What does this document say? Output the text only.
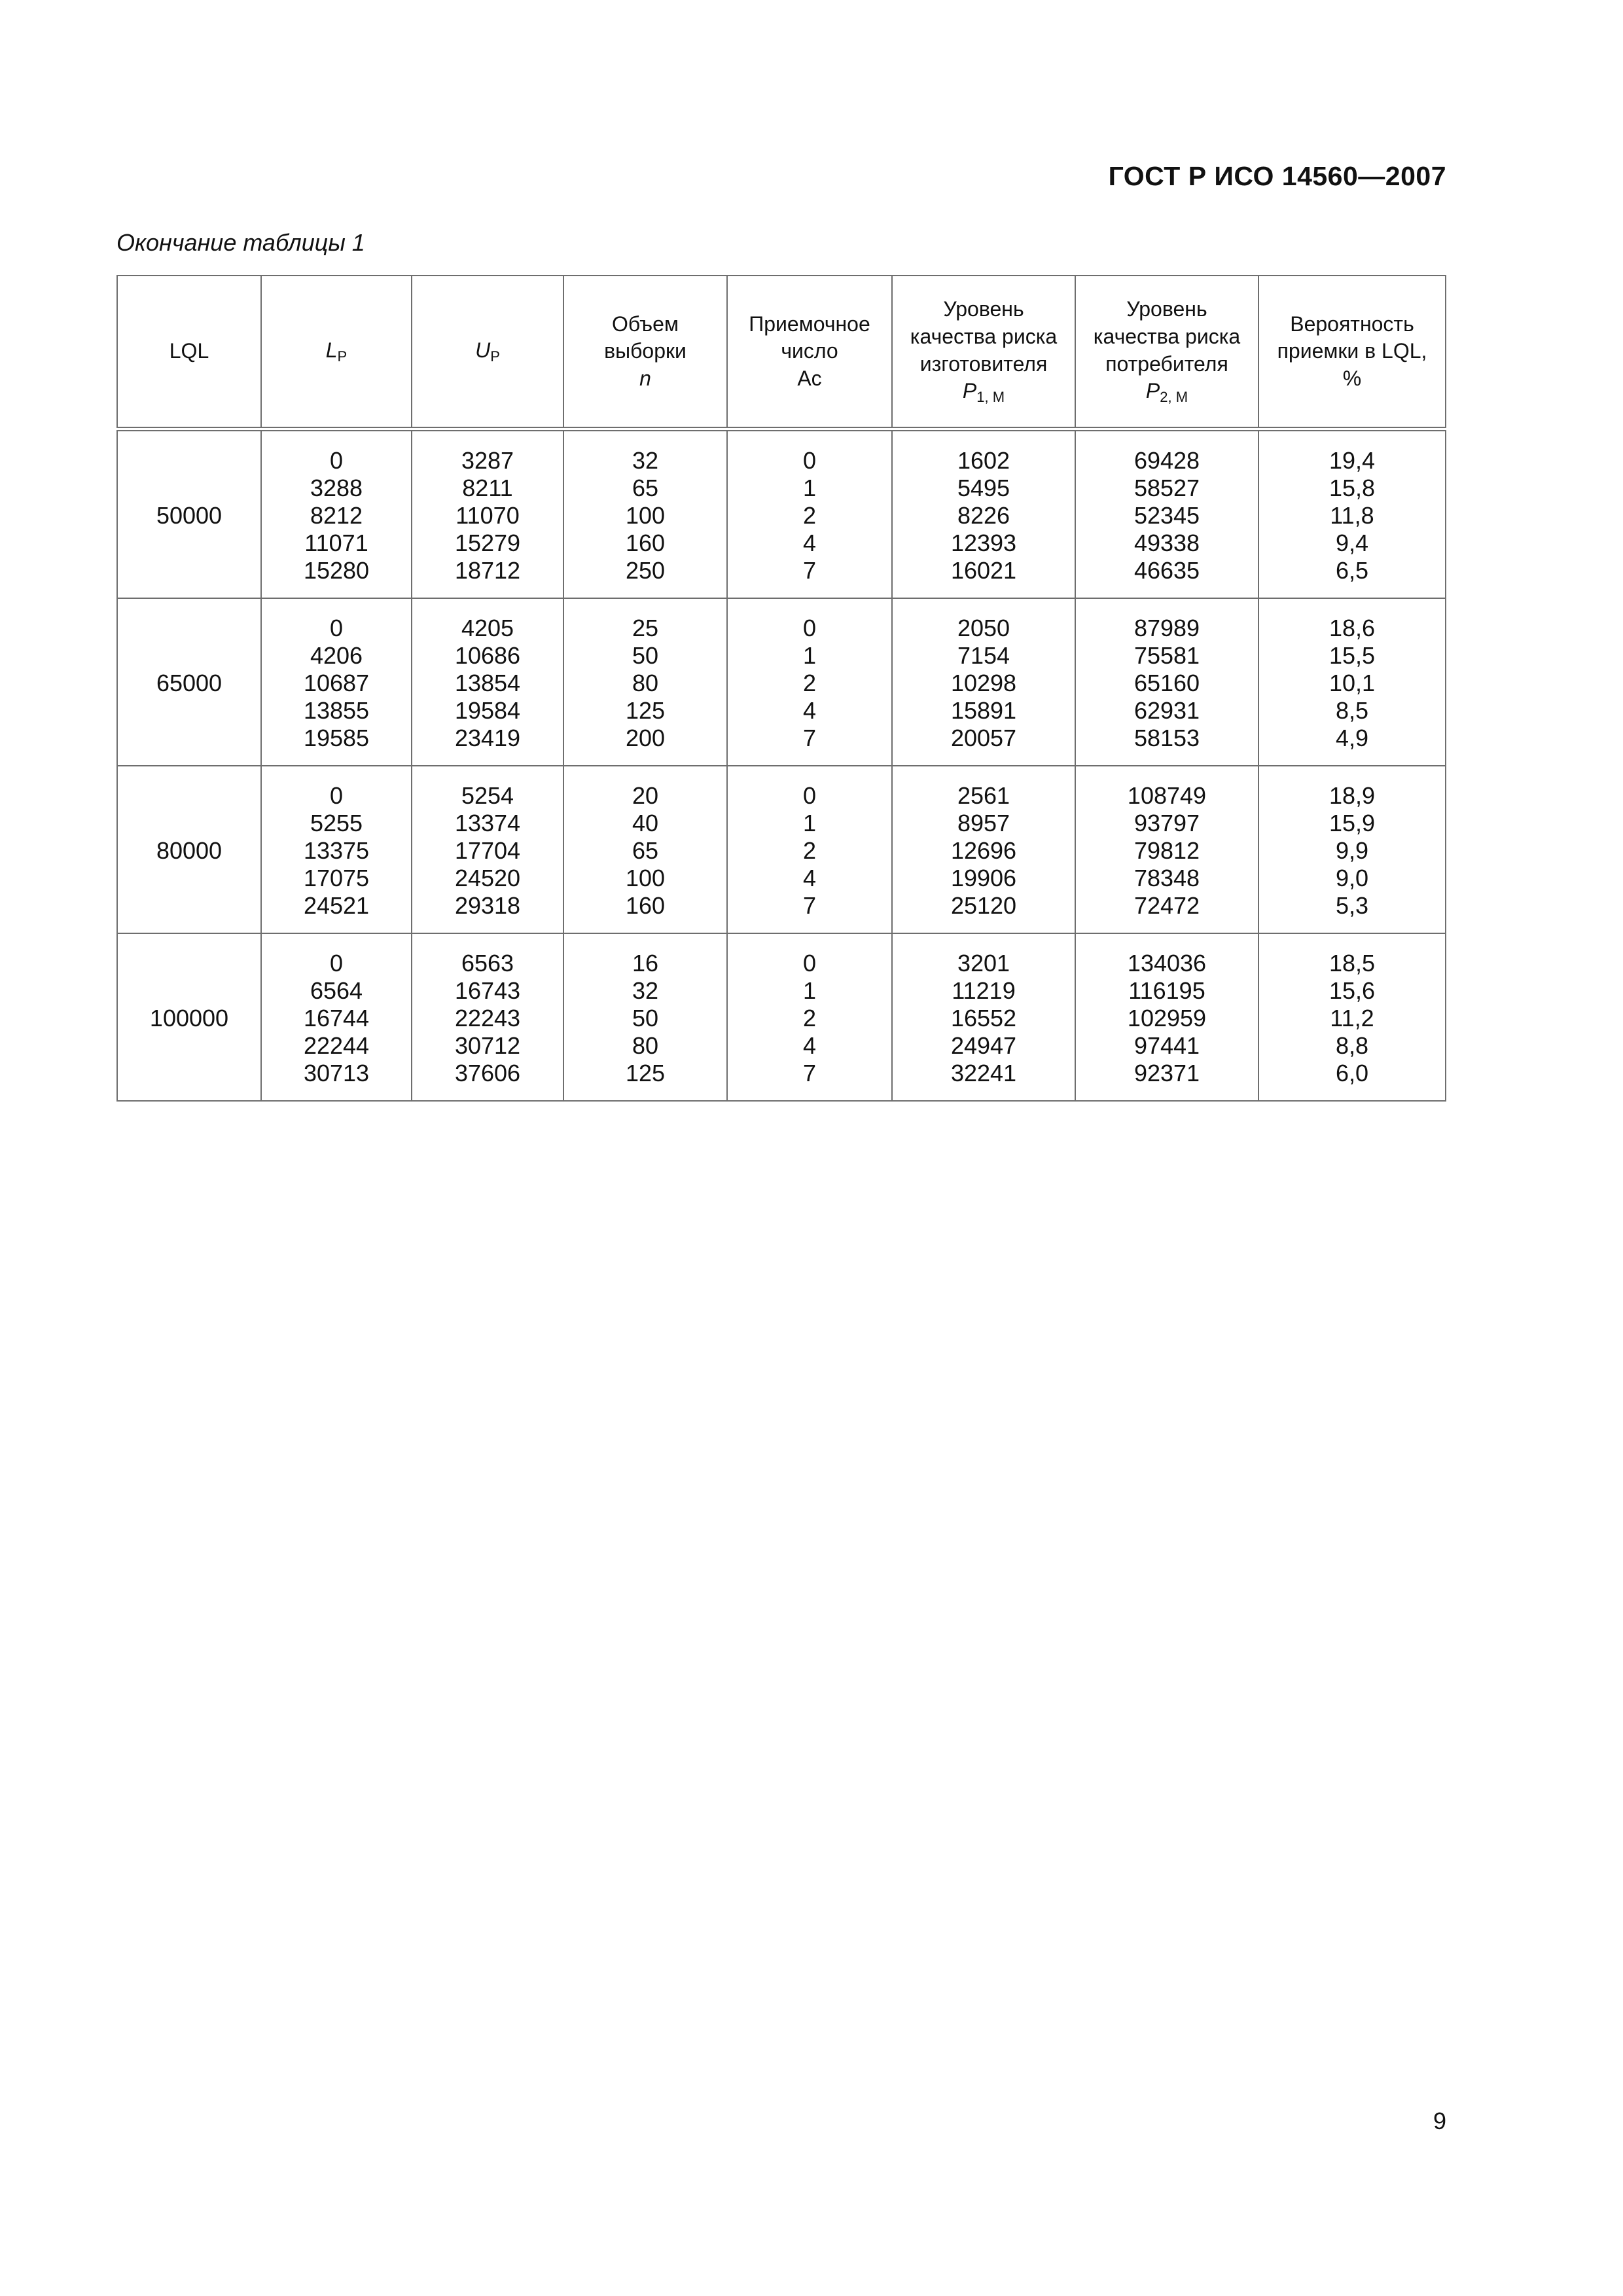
ГОСТ Р ИСО 14560—2007
Окончание таблицы 1
LQL	$L_P$	$U_P$	Объем
выборки
n	Приемочное
число
Ac	Уровень
качества риска
изготовителя
$P_{1, M}$	Уровень
качества риска
потребителя
$P_{2, M}$	Вероятность
приемки в LQL,
%
50000	0
3288
8212
11071
15280	3287
8211
11070
15279
18712	32
65
100
160
250	0
1
2
4
7	1602
5495
8226
12393
16021	69428
58527
52345
49338
46635	19,4
15,8
11,8
9,4
6,5

65000	0
4206
10687
13855
19585	4205
10686
13854
19584
23419	25
50
80
125
200	0
1
2
4
7	2050
7154
10298
15891
20057	87989
75581
65160
62931
58153	18,6
15,5
10,1
8,5
4,9

80000	0
5255
13375
17075
24521	5254
13374
17704
24520
29318	20
40
65
100
160	0
1
2
4
7	2561
8957
12696
19906
25120	108749
93797
79812
78348
72472	18,9
15,9
9,9
9,0
5,3

100000	0
6564
16744
22244
30713	6563
16743
22243
30712
37606	16
32
50
80
125	0
1
2
4
7	3201
11219
16552
24947
32241	134036
116195
102959
97441
92371	18,5
15,6
11,2
8,8
6,0
9
